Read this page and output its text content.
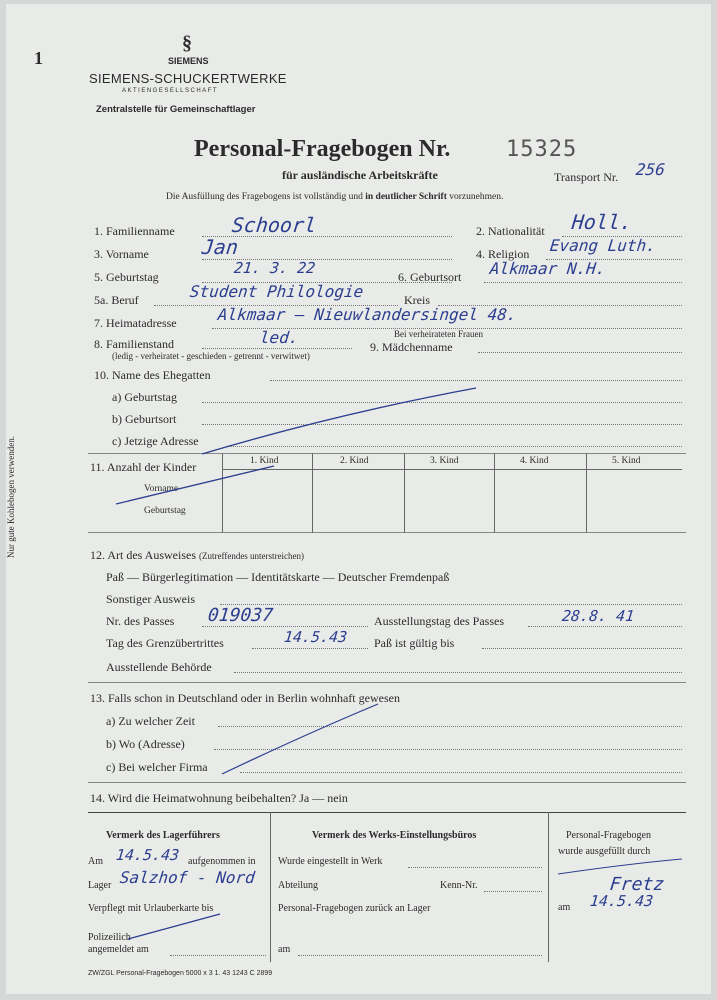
1
§
SIEMENS
SIEMENS-SCHUCKERTWERKE
AKTIENGESELLSCHAFT
Zentralstelle für Gemeinschaftlager
Personal-Fragebogen Nr.	15325
für ausländische Arbeitskräfte	Transport Nr. 256
Die Ausfüllung des Fragebogens ist vollständig und in deutlicher Schrift vorzunehmen.
Nur gute Kohlebogen verwenden.
1. Familienname	Schoorl	2. Nationalität Holl.
3. Vorname	Jan	4. Religion Evang Luth.
5. Geburtstag	21. 3. 22	6. Geburtsort Alkmaar N.H.
5a. Beruf	Student Philologie	Kreis
7. Heimatadresse	Alkmaar – Nieuwlandersingel 48.
8. Familienstand	led.
(ledig - verheiratet - geschieden - getrennt - verwitwet)
Bei verheirateten Frauen
9. Mädchenname
10. Name des Ehegatten
a) Geburtstag
b) Geburtsort
c) Jetzige Adresse
11. Anzahl der Kinder	1. Kind	2. Kind	3. Kind	4. Kind	5. Kind
Vorname
Geburtstag
12. Art des Ausweises (Zutreffendes unterstreichen)
Paß — Bürgerlegitimation — Identitätskarte — Deutscher Fremdenpaß
Sonstiger Ausweis
Nr. des Passes 019037	Ausstellungstag des Passes	28.8. 41
Tag des Grenzübertrittes	14.5.43 Paß ist gültig bis
Ausstellende Behörde
13. Falls schon in Deutschland oder in Berlin wohnhaft gewesen
a) Zu welcher Zeit
b) Wo (Adresse)
c) Bei welcher Firma
14. Wird die Heimatwohnung beibehalten? Ja — nein
Vermerk des Lagerführers
Am 14.5.43 aufgenommen in
Lager Salzhof - Nord
Verpflegt mit Urlauberkarte bis
Polizeilich
angemeldet am
Vermerk des Werks-Einstellungsbüros
Wurde eingestellt in Werk
Abteilung	Kenn-Nr.
Personal-Fragebogen zurück an Lager
am
Personal-Fragebogen
wurde ausgefüllt durch
Fretz
am 14.5.43
ZW/ZGL Personal-Fragebogen 5000 x 3 1. 43 1243 C 2899
